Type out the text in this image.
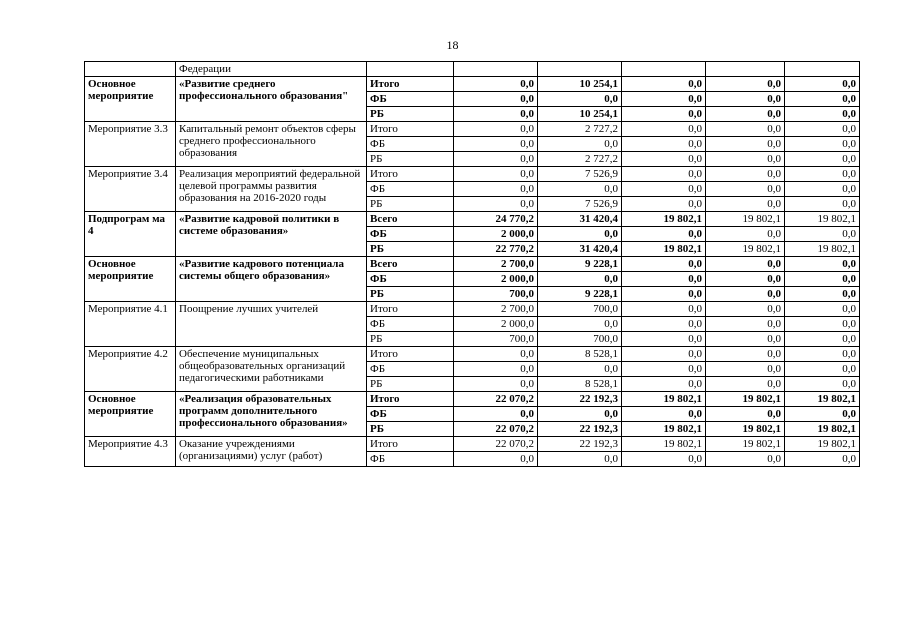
18
	Федерации						
Основное мероприятие	«Развитие среднего профессионального образования"	Итого	0,0	10 254,1	0,0	0,0	0,0
		ФБ	0,0	0,0	0,0	0,0	0,0
		РБ	0,0	10 254,1	0,0	0,0	0,0
Мероприятие 3.3	Капитальный ремонт объектов сферы среднего профессионального образования	Итого	0,0	2 727,2	0,0	0,0	0,0
		ФБ	0,0	0,0	0,0	0,0	0,0
		РБ	0,0	2 727,2	0,0	0,0	0,0
Мероприятие 3.4	Реализация мероприятий федеральной целевой программы развития образования на 2016-2020 годы	Итого	0,0	7 526,9	0,0	0,0	0,0
		ФБ	0,0	0,0	0,0	0,0	0,0
		РБ	0,0	7 526,9	0,0	0,0	0,0
Подпрограм ма 4	«Развитие кадровой политики в системе образования»	Всего	24 770,2	31 420,4	19 802,1	19 802,1	19 802,1
		ФБ	2 000,0	0,0	0,0	0,0	0,0
		РБ	22 770,2	31 420,4	19 802,1	19 802,1	19 802,1
Основное мероприятие	«Развитие кадрового потенциала системы общего образования»	Всего	2 700,0	9 228,1	0,0	0,0	0,0
		ФБ	2 000,0	0,0	0,0	0,0	0,0
		РБ	700,0	9 228,1	0,0	0,0	0,0
Мероприятие 4.1	Поощрение лучших учителей	Итого	2 700,0	700,0	0,0	0,0	0,0
		ФБ	2 000,0	0,0	0,0	0,0	0,0
		РБ	700,0	700,0	0,0	0,0	0,0
Мероприятие 4.2	Обеспечение муниципальных общеобразовательных организаций педагогическими работниками	Итого	0,0	8 528,1	0,0	0,0	0,0
		ФБ	0,0	0,0	0,0	0,0	0,0
		РБ	0,0	8 528,1	0,0	0,0	0,0
Основное мероприятие	«Реализация образовательных программ дополнительного профессионального образования»	Итого	22 070,2	22 192,3	19 802,1	19 802,1	19 802,1
		ФБ	0,0	0,0	0,0	0,0	0,0
		РБ	22 070,2	22 192,3	19 802,1	19 802,1	19 802,1
Мероприятие 4.3	Оказание учреждениями (организациями) услуг (работ)	Итого	22 070,2	22 192,3	19 802,1	19 802,1	19 802,1
		ФБ	0,0	0,0	0,0	0,0	0,0
